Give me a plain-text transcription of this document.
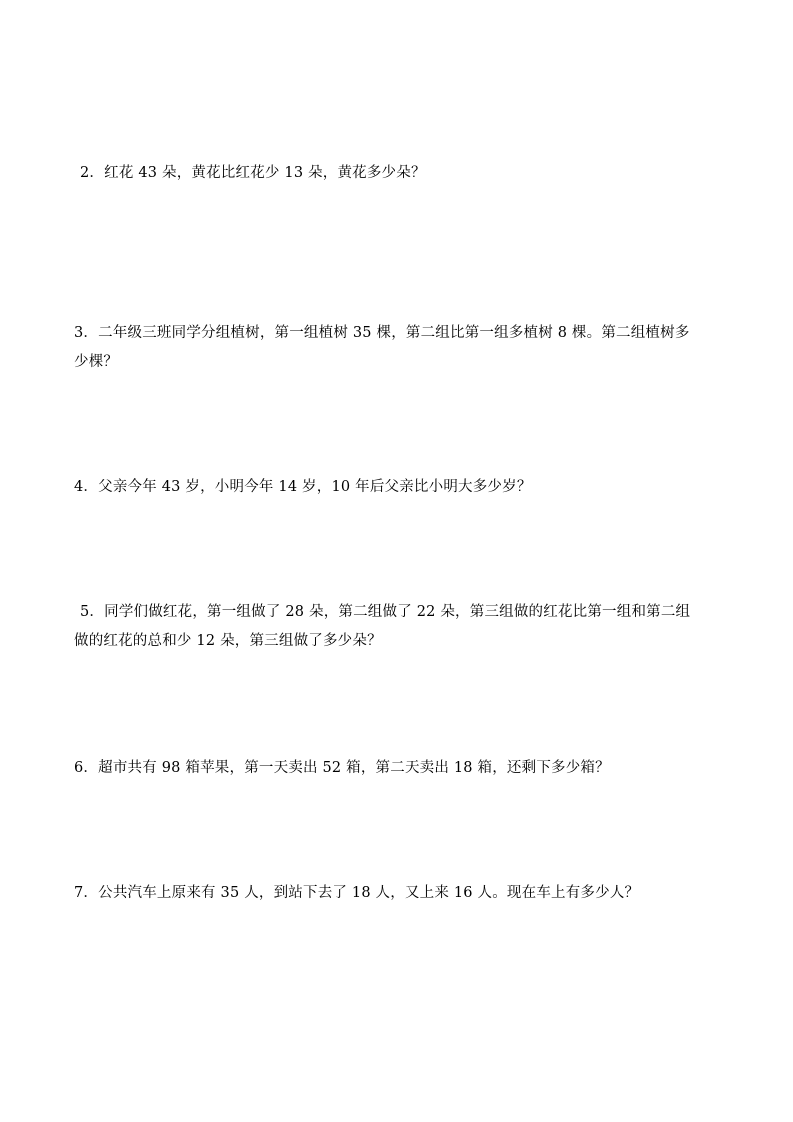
2．红花 43 朵，黄花比红花少 13 朵，黄花多少朵？

3．二年级三班同学分组植树，第一组植树 35 棵，第二组比第一组多植树 8 棵。第二组植树多
少棵？

4．父亲今年 43 岁，小明今年 14 岁，10 年后父亲比小明大多少岁？

5．同学们做红花，第一组做了 28 朵，第二组做了 22 朵，第三组做的红花比第一组和第二组
做的红花的总和少 12 朵，第三组做了多少朵？

6．超市共有 98 箱苹果，第一天卖出 52 箱，第二天卖出 18 箱，还剩下多少箱？

7．公共汽车上原来有 35 人，到站下去了 18 人，又上来 16 人。现在车上有多少人？
